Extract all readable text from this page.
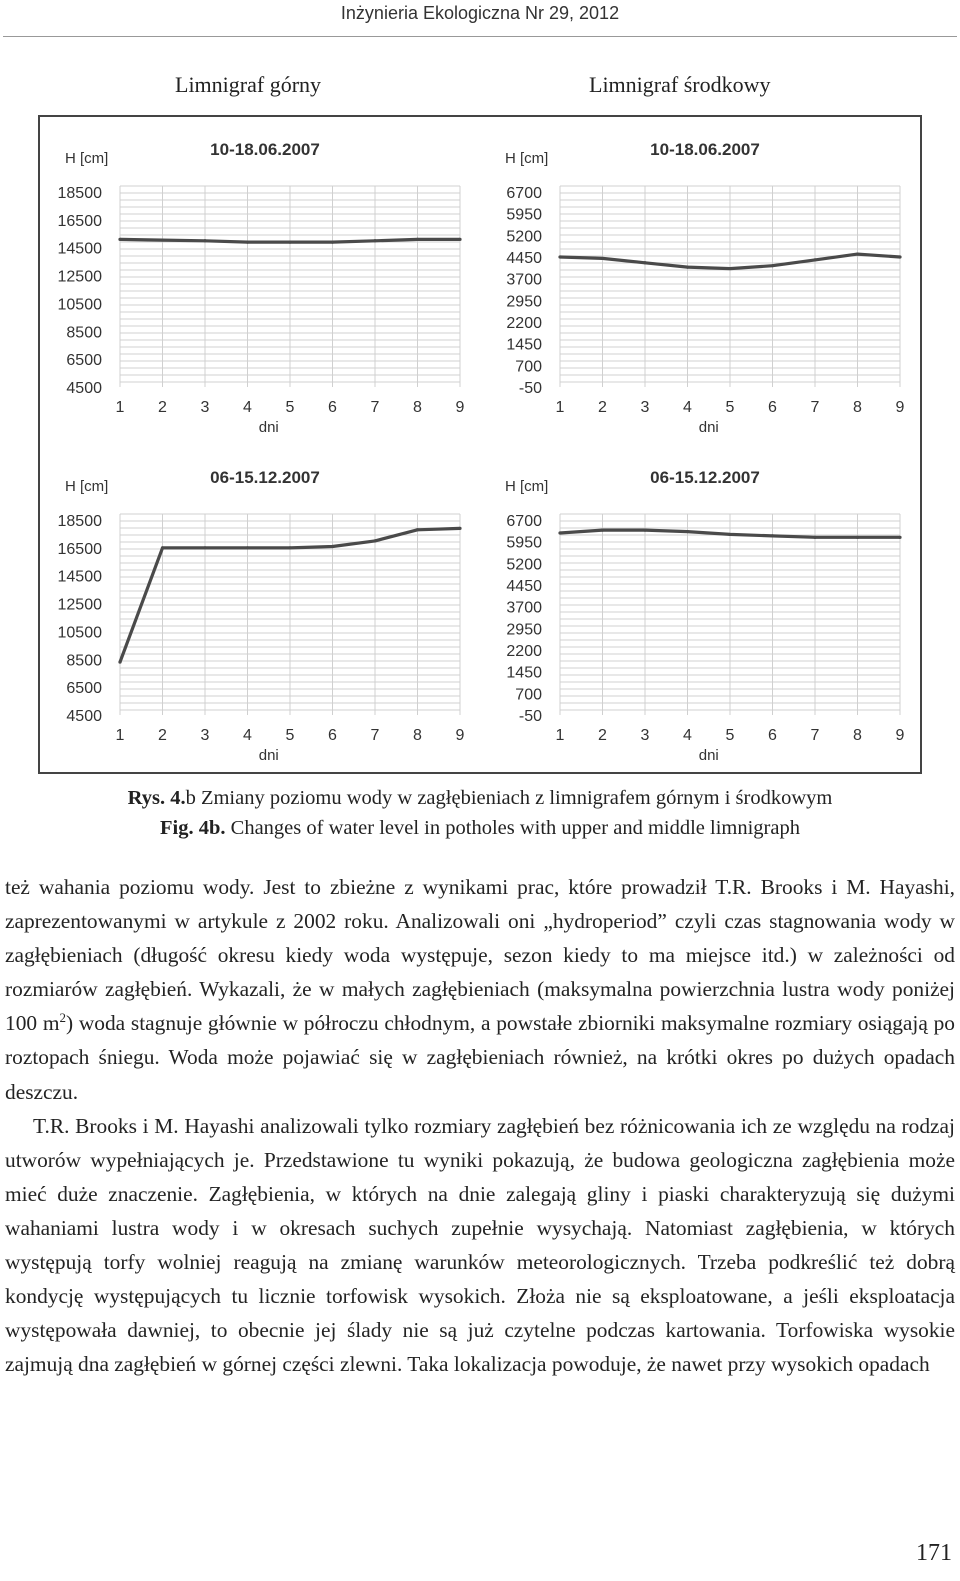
Inżynieria Ekologiczna Nr 29, 2012
Limnigraf górny	Limnigraf środkowy
10-18.06.2007
H [cm]
4500
6500
8500
10500
12500
14500
16500
18500
1 2 3 4 5 6 7 8 9
dni
10-18.06.2007
H [cm]
-50
700
1450
2200
2950
3700
4450
5200
5950
6700
1 2 3 4 5 6 7 8 9
dni
06-15.12.2007
H [cm]
4500
6500
8500
10500
12500
14500
16500
18500
1 2 3 4 5 6 7 8 9
dni
06-15.12.2007
H [cm]
-50
700
1450
2200
2950
3700
4450
5200
5950
6700
1 2 3 4 5 6 7 8 9
dni
Rys. 4.b Zmiany poziomu wody w zagłębieniach z limnigrafem górnym i środkowym
Fig. 4b. Changes of water level in potholes with upper and middle limnigraph

też wahania poziomu wody. Jest to zbieżne z wynikami prac, które prowadził T.R. Brooks i M. Hayashi, zaprezentowanymi w artykule z 2002 roku. Analizowali oni „hydroperiod” czyli czas stagnowania wody w zagłębieniach (długość okresu kiedy woda występuje, sezon kiedy to ma miejsce itd.) w zależności od rozmiarów zagłębień. Wykazali, że w małych zagłębieniach (maksymalna powierzchnia lustra wody poniżej 100 $m^2$) woda stagnuje głównie w półroczu chłodnym, a powstałe zbiorniki maksymalne rozmiary osiągają po roztopach śniegu. Woda może pojawiać się w zagłębieniach również, na krótki okres po dużych opadach deszczu.

T.R. Brooks i M. Hayashi analizowali tylko rozmiary zagłębień bez różnicowania ich ze względu na rodzaj utworów wypełniających je. Przedstawione tu wyniki pokazują, że budowa geologiczna zagłębienia może mieć duże znaczenie. Zagłębienia, w których na dnie zalegają gliny i piaski charakteryzują się dużymi wahaniami lustra wody i w okresach suchych zupełnie wysychają. Natomiast zagłębienia, w których występują torfy wolniej reagują na zmianę warunków meteorologicznych. Trzeba podkreślić też dobrą kondycję występujących tu licznie torfowisk wysokich. Złoża nie są eksploatowane, a jeśli eksploatacja występowała dawniej, to obecnie jej ślady nie są już czytelne podczas kartowania. Torfowiska wysokie zajmują dna zagłębień w górnej części zlewni. Taka lokalizacja powoduje, że nawet przy wysokich opadach

171
